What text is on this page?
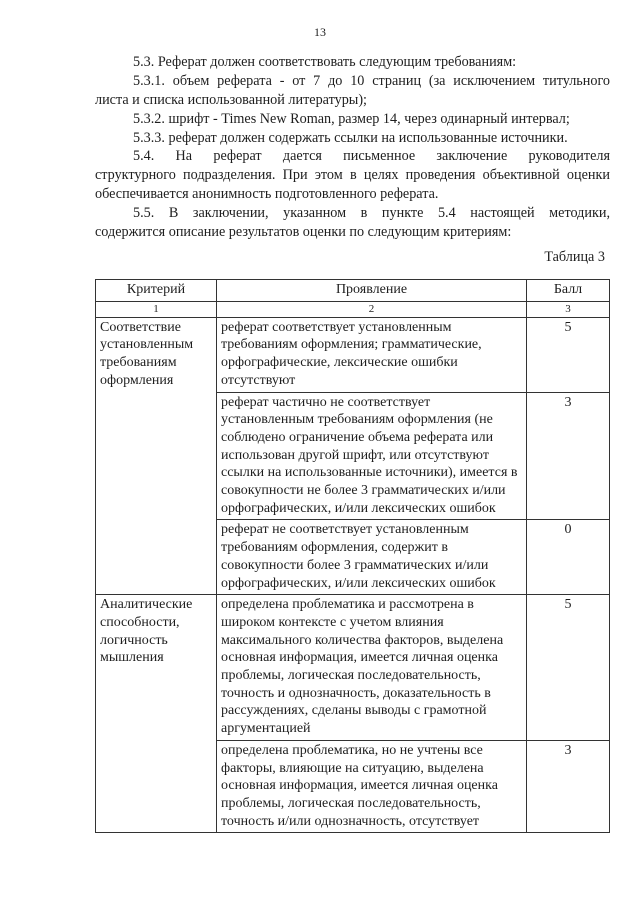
13

5.3. Реферат должен соответствовать следующим требованиям:

5.3.1. объем реферата - от 7 до 10 страниц (за исключением титульного

листа и списка использованной литературы);

5.3.2. шрифт - Times New Roman, размер 14, через одинарный интервал;

5.3.3. реферат должен содержать ссылки на использованные источники.

5.4. На реферат дается письменное заключение руководителя

структурного подразделения. При этом в целях проведения объективной оценки

обеспечивается анонимность подготовленного реферата.

5.5. В заключении, указанном в пункте 5.4 настоящей методики,

содержится описание результатов оценки по следующим критериям:

Таблица 3
Критерий	Проявление	Балл
1	2	3
Соответствие установленным требованиям оформления	реферат соответствует установленным требованиям оформления; грамматические, орфографические, лексические ошибки отсутствуют	5
	реферат частично не соответствует установленным требованиям оформления (не соблюдено ограничение объема реферата или использован другой шрифт, или отсутствуют ссылки на использованные источники), имеется в совокупности не более 3 грамматических и/или орфографических, и/или лексических ошибок	3
	реферат не соответствует установленным требованиям оформления, содержит в совокупности более 3 грамматических и/или орфографических, и/или лексических ошибок	0
Аналитические способности, логичность мышления	определена проблематика и рассмотрена в широком контексте с учетом влияния максимального количества факторов, выделена основная информация, имеется личная оценка проблемы, логическая последовательность, точность и однозначность, доказательность в рассуждениях, сделаны выводы с грамотной аргументацией	5
	определена проблематика, но не учтены все факторы, влияющие на ситуацию, выделена основная информация, имеется личная оценка проблемы, логическая последовательность, точность и/или однозначность, отсутствует	3
